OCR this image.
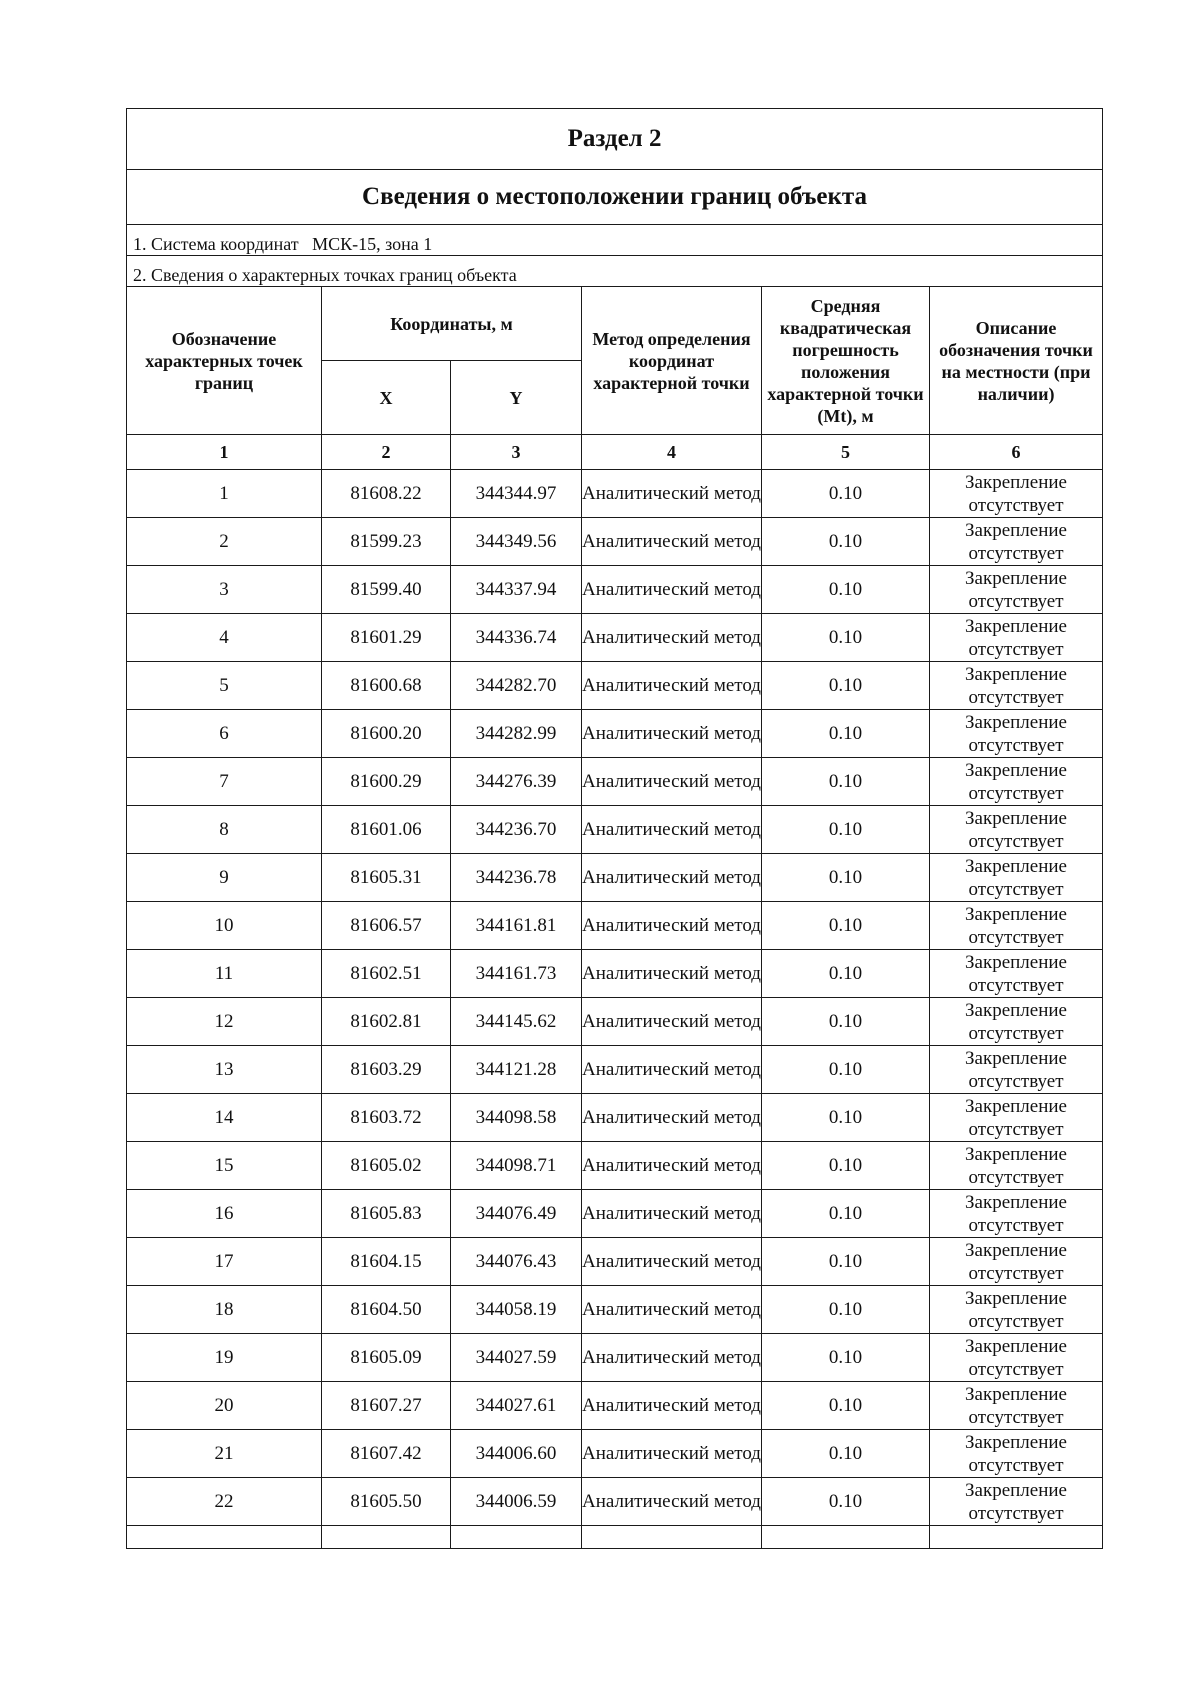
Раздел 2					
Сведения о местоположении границ объекта					
1. Система координат   МСК-15, зона 1					
2. Сведения о характерных точках границ объекта					
Обозначение характерных точек границ	Координаты, м		Метод определения координат характерной точки	Средняя квадратическая погрешность положения характерной точки (Mt), м	Описание обозначения точки на местности (при наличии)
	X	Y			
1	2	3	4	5	6
1	81608.22	344344.97	Аналитический метод	0.10	Закрепление отсутствует
2	81599.23	344349.56	Аналитический метод	0.10	Закрепление отсутствует
3	81599.40	344337.94	Аналитический метод	0.10	Закрепление отсутствует
4	81601.29	344336.74	Аналитический метод	0.10	Закрепление отсутствует
5	81600.68	344282.70	Аналитический метод	0.10	Закрепление отсутствует
6	81600.20	344282.99	Аналитический метод	0.10	Закрепление отсутствует
7	81600.29	344276.39	Аналитический метод	0.10	Закрепление отсутствует
8	81601.06	344236.70	Аналитический метод	0.10	Закрепление отсутствует
9	81605.31	344236.78	Аналитический метод	0.10	Закрепление отсутствует
10	81606.57	344161.81	Аналитический метод	0.10	Закрепление отсутствует
11	81602.51	344161.73	Аналитический метод	0.10	Закрепление отсутствует
12	81602.81	344145.62	Аналитический метод	0.10	Закрепление отсутствует
13	81603.29	344121.28	Аналитический метод	0.10	Закрепление отсутствует
14	81603.72	344098.58	Аналитический метод	0.10	Закрепление отсутствует
15	81605.02	344098.71	Аналитический метод	0.10	Закрепление отсутствует
16	81605.83	344076.49	Аналитический метод	0.10	Закрепление отсутствует
17	81604.15	344076.43	Аналитический метод	0.10	Закрепление отсутствует
18	81604.50	344058.19	Аналитический метод	0.10	Закрепление отсутствует
19	81605.09	344027.59	Аналитический метод	0.10	Закрепление отсутствует
20	81607.27	344027.61	Аналитический метод	0.10	Закрепление отсутствует
21	81607.42	344006.60	Аналитический метод	0.10	Закрепление отсутствует
22	81605.50	344006.59	Аналитический метод	0.10	Закрепление отсутствует
